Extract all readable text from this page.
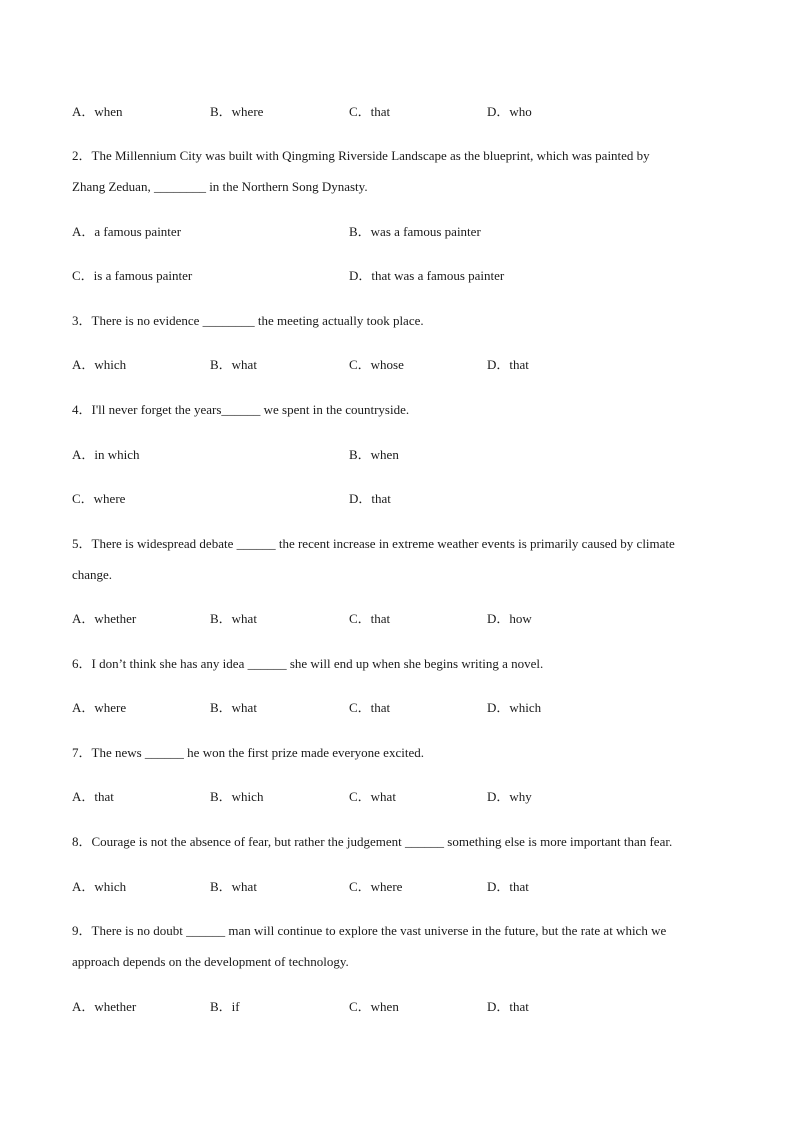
A．when	B．where	C．that	D．who
2．The Millennium City was built with Qingming Riverside Landscape as the blueprint, which was painted by
Zhang Zeduan, ________ in the Northern Song Dynasty.
A．a famous painter	B．was a famous painter
C．is a famous painter	D．that was a famous painter
3．There is no evidence ________ the meeting actually took place.
A．which	B．what	C．whose	D．that
4．I'll never forget the years______ we spent in the countryside.
A．in which	B．when
C．where	D．that
5．There is widespread debate ______ the recent increase in extreme weather events is primarily caused by climate
change.
A．whether	B．what	C．that	D．how
6．I don’t think she has any idea ______ she will end up when she begins writing a novel.
A．where	B．what	C．that	D．which
7．The news ______ he won the first prize made everyone excited.
A．that	B．which	C．what	D．why
8．Courage is not the absence of fear, but rather the judgement ______ something else is more important than fear.
A．which	B．what	C．where	D．that
9．There is no doubt ______ man will continue to explore the vast universe in the future, but the rate at which we
approach depends on the development of technology.
A．whether	B．if	C．when	D．that
